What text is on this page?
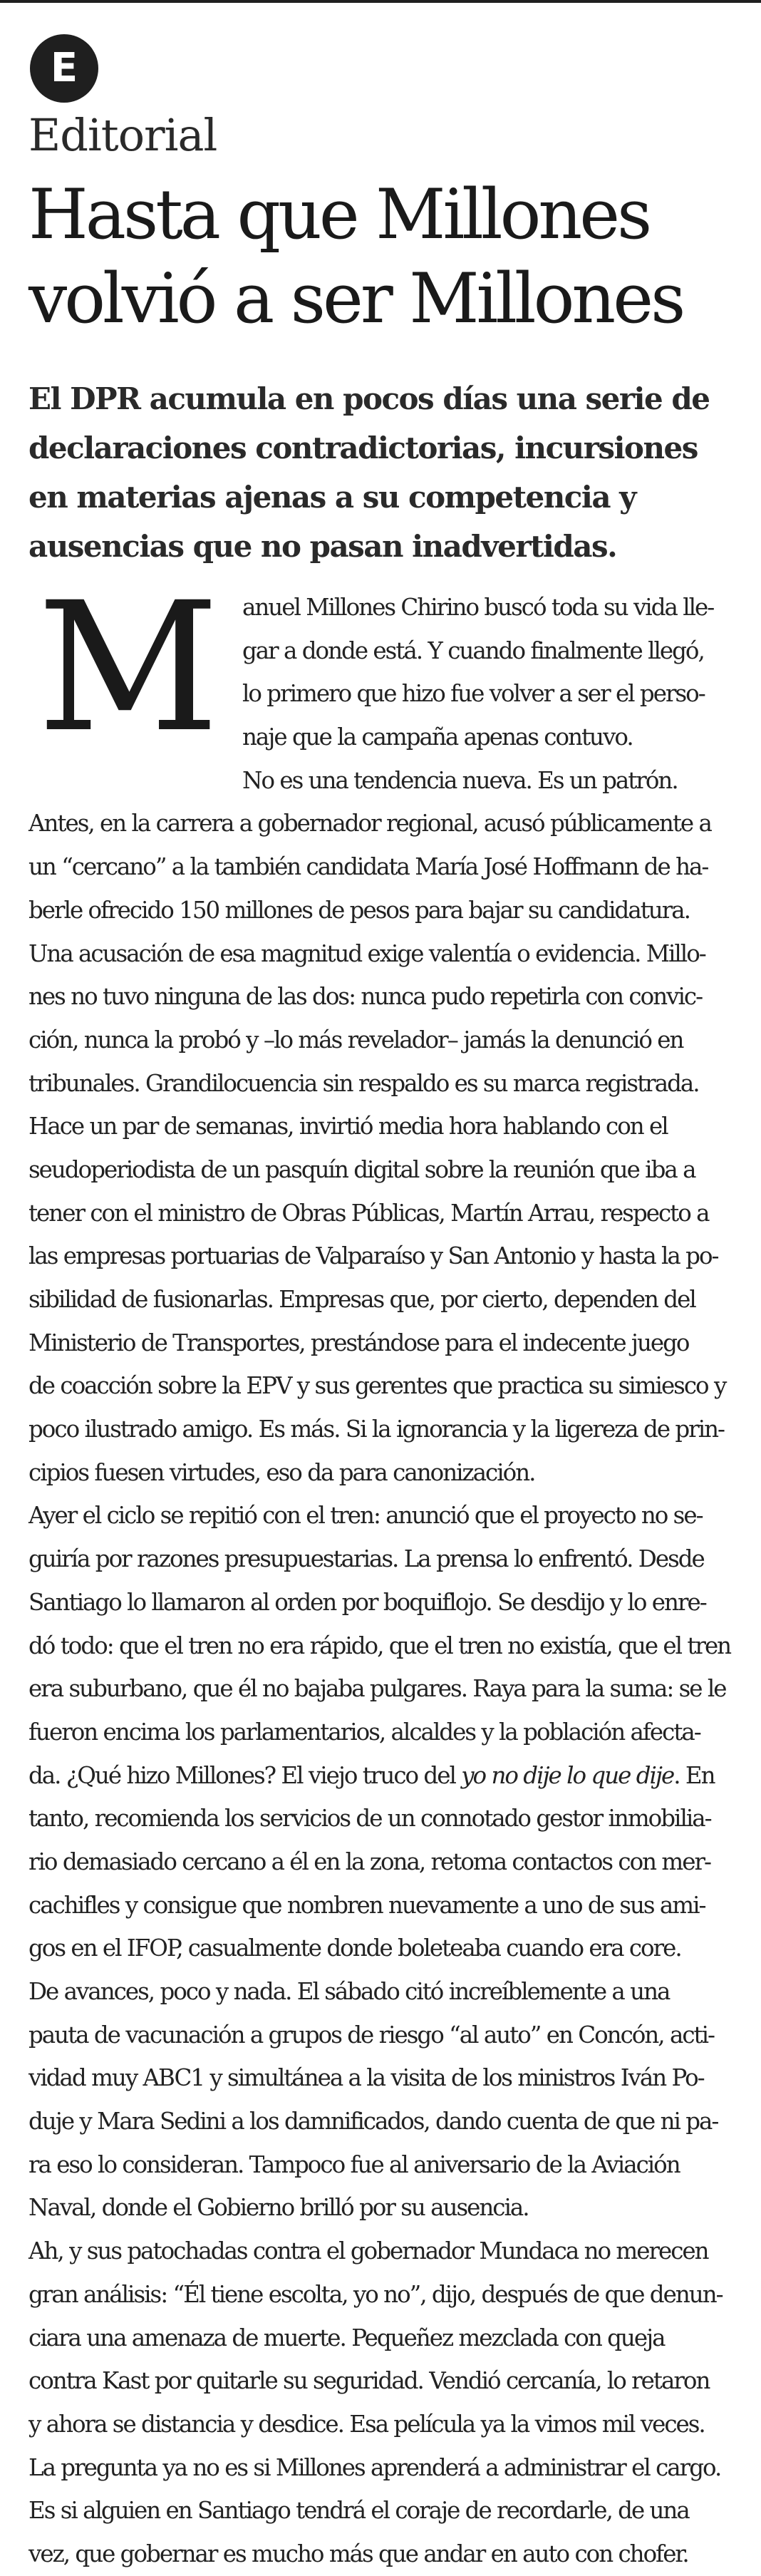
E
Editorial
Hasta que Millones
volvió a ser Millones
El DPR acumula en pocos días una serie de
declaraciones contradictorias, incursiones
en materias ajenas a su competencia y
ausencias que no pasan inadvertidas.
M	anuel Millones Chirino buscó toda su vida lle-
gar a donde está. Y cuando finalmente llegó,
lo primero que hizo fue volver a ser el perso-
naje que la campaña apenas contuvo.
No es una tendencia nueva. Es un patrón.
Antes, en la carrera a gobernador regional, acusó públicamente a
un “cercano” a la también candidata María José Hoffmann de ha-
berle ofrecido 150 millones de pesos para bajar su candidatura.
Una acusación de esa magnitud exige valentía o evidencia. Millo-
nes no tuvo ninguna de las dos: nunca pudo repetirla con convic-
ción, nunca la probó y –lo más revelador– jamás la denunció en
tribunales. Grandilocuencia sin respaldo es su marca registrada.
Hace un par de semanas, invirtió media hora hablando con el
seudoperiodista de un pasquín digital sobre la reunión que iba a
tener con el ministro de Obras Públicas, Martín Arrau, respecto a
las empresas portuarias de Valparaíso y San Antonio y hasta la po-
sibilidad de fusionarlas. Empresas que, por cierto, dependen del
Ministerio de Transportes, prestándose para el indecente juego
de coacción sobre la EPV y sus gerentes que practica su simiesco y
poco ilustrado amigo. Es más. Si la ignorancia y la ligereza de prin-
cipios fuesen virtudes, eso da para canonización.
Ayer el ciclo se repitió con el tren: anunció que el proyecto no se-
guiría por razones presupuestarias. La prensa lo enfrentó. Desde
Santiago lo llamaron al orden por boquiflojo. Se desdijo y lo enre-
dó todo: que el tren no era rápido, que el tren no existía, que el tren
era suburbano, que él no bajaba pulgares. Raya para la suma: se le
fueron encima los parlamentarios, alcaldes y la población afecta-
da. ¿Qué hizo Millones? El viejo truco del yo no dije lo que dije. En
tanto, recomienda los servicios de un connotado gestor inmobilia-
rio demasiado cercano a él en la zona, retoma contactos con mer-
cachifles y consigue que nombren nuevamente a uno de sus ami-
gos en el IFOP, casualmente donde boleteaba cuando era core.
De avances, poco y nada. El sábado citó increíblemente a una
pauta de vacunación a grupos de riesgo “al auto” en Concón, acti-
vidad muy ABC1 y simultánea a la visita de los ministros Iván Po-
duje y Mara Sedini a los damnificados, dando cuenta de que ni pa-
ra eso lo consideran. Tampoco fue al aniversario de la Aviación
Naval, donde el Gobierno brilló por su ausencia.
Ah, y sus patochadas contra el gobernador Mundaca no merecen
gran análisis: “Él tiene escolta, yo no”, dijo, después de que denun-
ciara una amenaza de muerte. Pequeñez mezclada con queja
contra Kast por quitarle su seguridad. Vendió cercanía, lo retaron
y ahora se distancia y desdice. Esa película ya la vimos mil veces.
La pregunta ya no es si Millones aprenderá a administrar el cargo.
Es si alguien en Santiago tendrá el coraje de recordarle, de una
vez, que gobernar es mucho más que andar en auto con chofer.
